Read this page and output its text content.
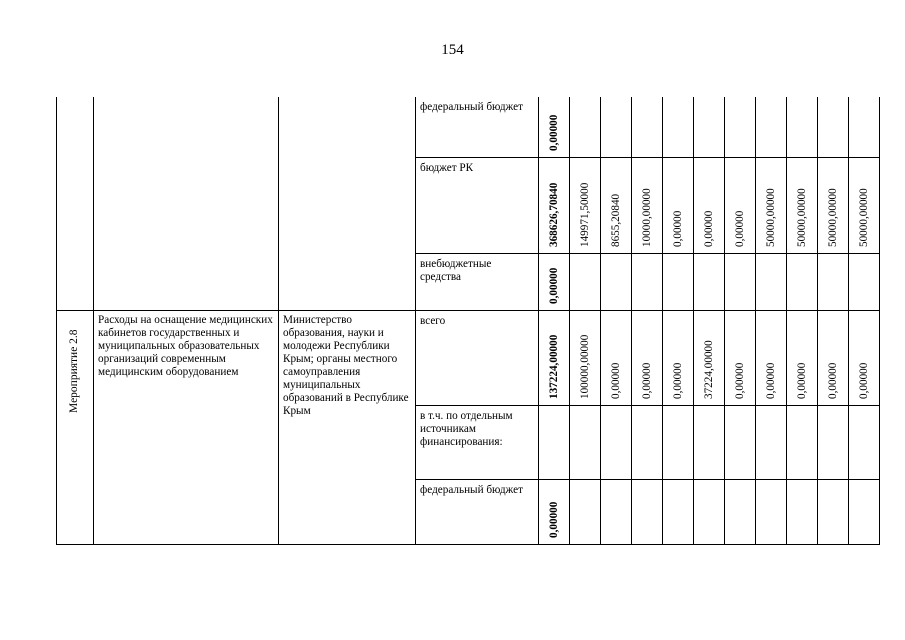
154

			федеральный бюджет	0,00000										

			бюджет РК	368626,70840	149971,50000	8655,20840	10000,00000	0,00000	0,00000	0,00000	50000,00000	50000,00000	50000,00000	50000,00000

			внебюджетные средства	0,00000										

Мероприятие 2.8	Расходы на оснащение медицинских кабинетов государственных и муниципальных образовательных организаций современным медицинским оборудованием	Министерство образования, науки и молодежи Республики Крым; органы местного самоуправления муниципальных образований в Республике Крым	всего	137224,00000	100000,00000	0,00000	0,00000	0,00000	37224,00000	0,00000	0,00000	0,00000	0,00000	0,00000

			в т.ч. по отдельным источникам финансирования:											

			федеральный бюджет	0,00000										
